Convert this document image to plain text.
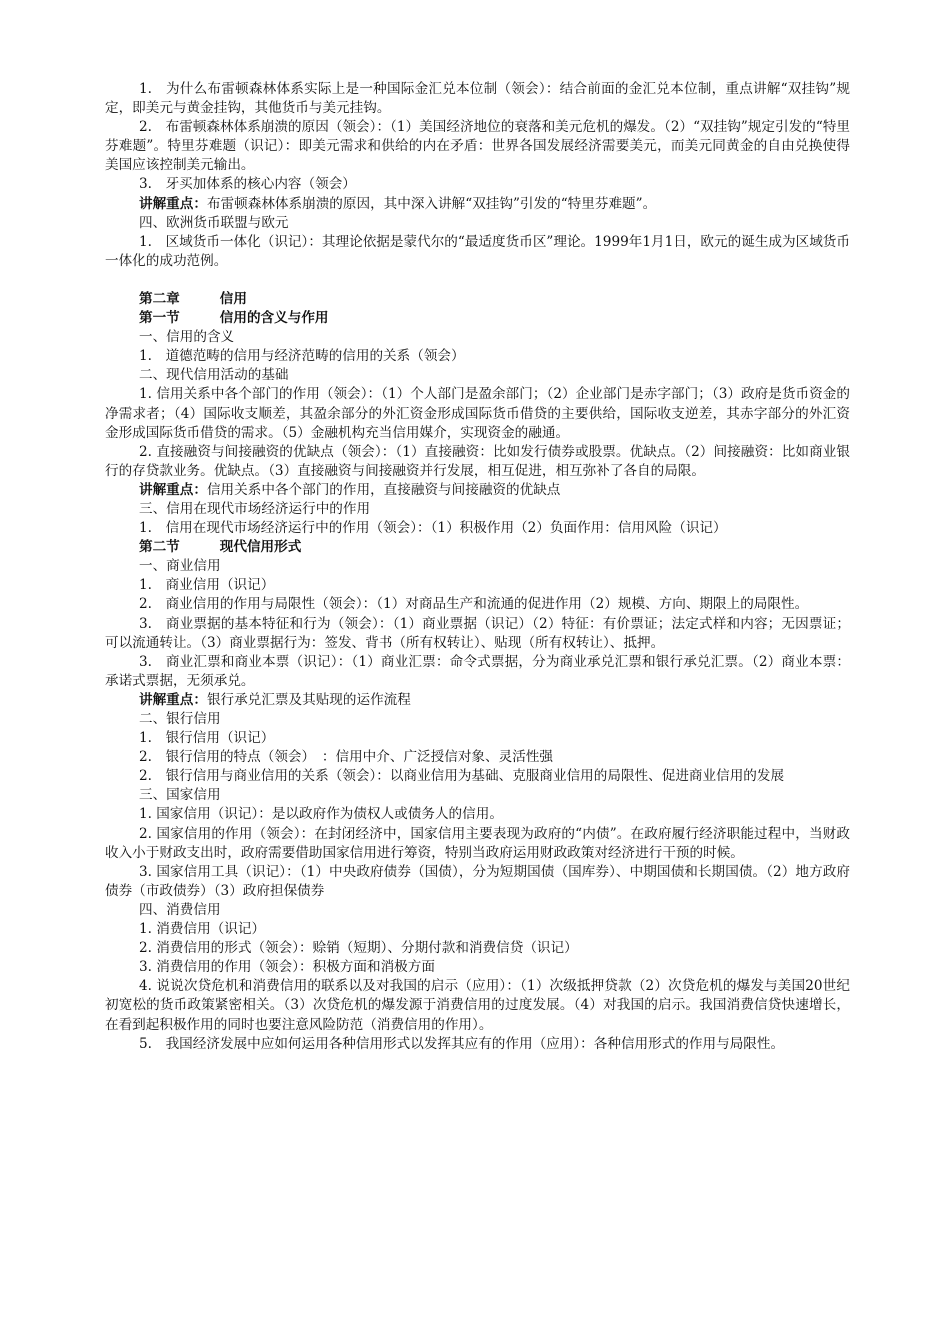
1.　为什么布雷顿森林体系实际上是一种国际金汇兑本位制（领会）：结合前面的金汇兑本位制，重点讲解“双挂钩”规定，即美元与黄金挂钩，其他货币与美元挂钩。

2.　布雷顿森林体系崩溃的原因（领会）：（1）美国经济地位的衰落和美元危机的爆发。（2）“双挂钩”规定引发的“特里芬难题”。特里芬难题（识记）：即美元需求和供给的内在矛盾：世界各国发展经济需要美元，而美元同黄金的自由兑换使得美国应该控制美元输出。

3.　牙买加体系的核心内容（领会）

讲解重点：布雷顿森林体系崩溃的原因，其中深入讲解“双挂钩”引发的“特里芬难题”。

四、欧洲货币联盟与欧元

1.　区域货币一体化（识记）：其理论依据是蒙代尔的“最适度货币区”理论。1999年1月1日，欧元的诞生成为区域货币一体化的成功范例。

第二章	信用

第一节	信用的含义与作用

一、信用的含义

1.　道德范畴的信用与经济范畴的信用的关系（领会）

二、现代信用活动的基础

1. 信用关系中各个部门的作用（领会）：（1）个人部门是盈余部门；（2）企业部门是赤字部门；（3）政府是货币资金的净需求者；（4）国际收支顺差，其盈余部分的外汇资金形成国际货币借贷的主要供给，国际收支逆差，其赤字部分的外汇资金形成国际货币借贷的需求。（5）金融机构充当信用媒介，实现资金的融通。

2. 直接融资与间接融资的优缺点（领会）：（1）直接融资：比如发行债券或股票。优缺点。（2）间接融资：比如商业银行的存贷款业务。优缺点。（3）直接融资与间接融资并行发展，相互促进，相互弥补了各自的局限。

讲解重点：信用关系中各个部门的作用，直接融资与间接融资的优缺点

三、信用在现代市场经济运行中的作用

1.　信用在现代市场经济运行中的作用（领会）：（1）积极作用（2）负面作用：信用风险（识记）

第二节	现代信用形式

一、商业信用

1.　商业信用（识记）

2.　商业信用的作用与局限性（领会）：（1）对商品生产和流通的促进作用（2）规模、方向、期限上的局限性。

3.　商业票据的基本特征和行为（领会）：（1）商业票据（识记）（2）特征：有价票证；法定式样和内容；无因票证；可以流通转让。（3）商业票据行为：签发、背书（所有权转让）、贴现（所有权转让）、抵押。

3.　商业汇票和商业本票（识记）：（1）商业汇票：命令式票据，分为商业承兑汇票和银行承兑汇票。（2）商业本票：承诺式票据，无须承兑。

讲解重点：银行承兑汇票及其贴现的运作流程

二、银行信用

1.　银行信用（识记）

2.　银行信用的特点（领会）　：信用中介、广泛授信对象、灵活性强

2.　银行信用与商业信用的关系（领会）：以商业信用为基础、克服商业信用的局限性、促进商业信用的发展

三、国家信用

1. 国家信用（识记）：是以政府作为债权人或债务人的信用。

2. 国家信用的作用（领会）：在封闭经济中，国家信用主要表现为政府的“内债”。在政府履行经济职能过程中，当财政收入小于财政支出时，政府需要借助国家信用进行筹资，特别当政府运用财政政策对经济进行干预的时候。

3. 国家信用工具（识记）：（1）中央政府债券（国债），分为短期国债（国库券）、中期国债和长期国债。（2）地方政府债券（市政债券）（3）政府担保债券

四、消费信用

1. 消费信用（识记）

2. 消费信用的形式（领会）：赊销（短期）、分期付款和消费信贷（识记）

3. 消费信用的作用（领会）：积极方面和消极方面

4. 说说次贷危机和消费信用的联系以及对我国的启示（应用）：（1）次级抵押贷款（2）次贷危机的爆发与美国20世纪初宽松的货币政策紧密相关。（3）次贷危机的爆发源于消费信用的过度发展。（4）对我国的启示。我国消费信贷快速增长，在看到起积极作用的同时也要注意风险防范（消费信用的作用）。

5.　我国经济发展中应如何运用各种信用形式以发挥其应有的作用（应用）：各种信用形式的作用与局限性。
